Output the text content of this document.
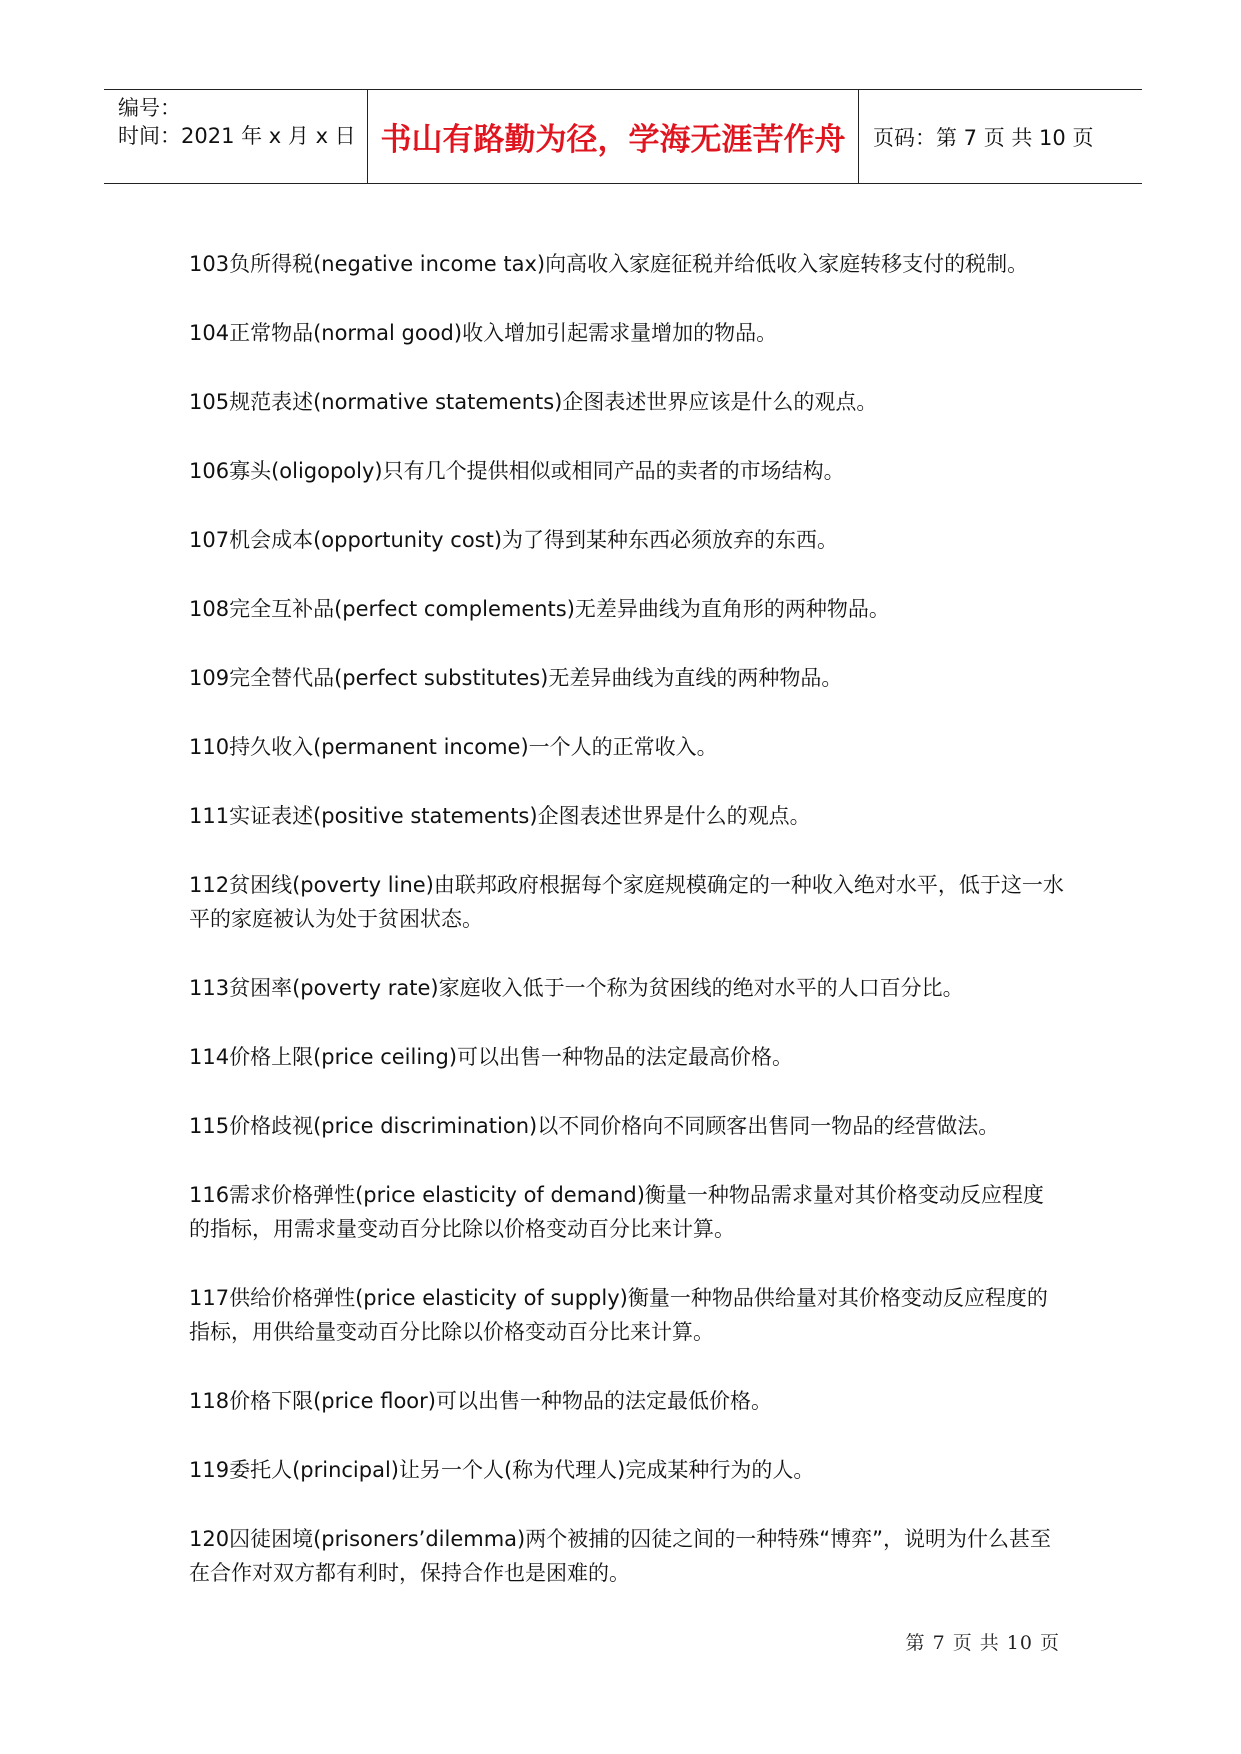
编号：
时间：2021 年 x 月 x 日 书山有路勤为径，学海无涯苦作舟	页码：第 7 页 共 10 页
103负所得税(negative income tax)向高收入家庭征税并给低收入家庭转移支付的税制。
104正常物品(normal good)收入增加引起需求量增加的物品。
105规范表述(normative statements)企图表述世界应该是什么的观点。
106寡头(oligopoly)只有几个提供相似或相同产品的卖者的市场结构。
107机会成本(opportunity cost)为了得到某种东西必须放弃的东西。
108完全互补品(perfect complements)无差异曲线为直角形的两种物品。
109完全替代品(perfect substitutes)无差异曲线为直线的两种物品。
110持久收入(permanent income)一个人的正常收入。
111实证表述(positive statements)企图表述世界是什么的观点。
112贫困线(poverty line)由联邦政府根据每个家庭规模确定的一种收入绝对水平，低于这一水平的家庭被认为处于贫困状态。
113贫困率(poverty rate)家庭收入低于一个称为贫困线的绝对水平的人口百分比。
114价格上限(price ceiling)可以出售一种物品的法定最高价格。
115价格歧视(price discrimination)以不同价格向不同顾客出售同一物品的经营做法。
116需求价格弹性(price elasticity of demand)衡量一种物品需求量对其价格变动反应程度的指标，用需求量变动百分比除以价格变动百分比来计算。
117供给价格弹性(price elasticity of supply)衡量一种物品供给量对其价格变动反应程度的指标，用供给量变动百分比除以价格变动百分比来计算。
118价格下限(price floor)可以出售一种物品的法定最低价格。
119委托人(principal)让另一个人(称为代理人)完成某种行为的人。
120囚徒困境(prisoners’dilemma)两个被捕的囚徒之间的一种特殊“博弈”，说明为什么甚至在合作对双方都有利时，保持合作也是困难的。
第 7 页 共 10 页
